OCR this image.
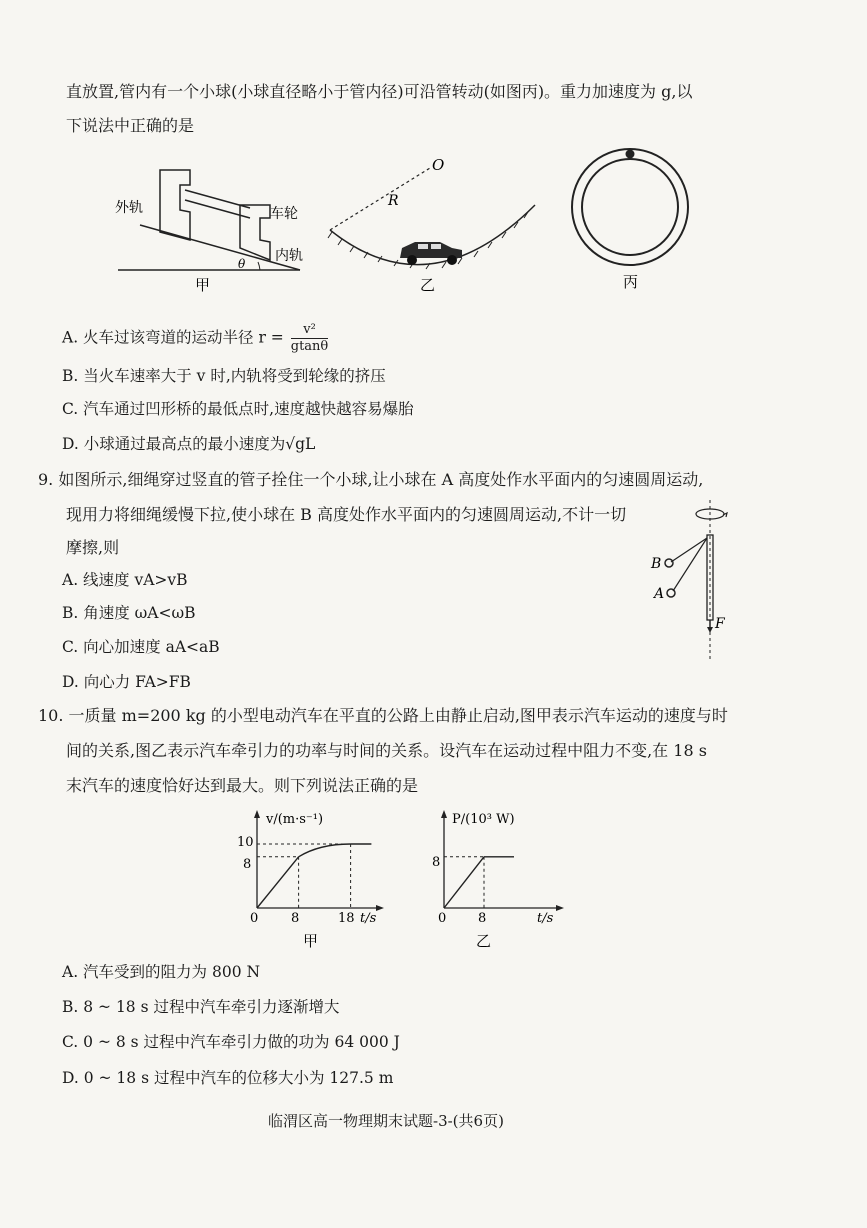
直放置,管内有一个小球(小球直径略小于管内径)可沿管转动(如图丙)。重力加速度为 g,以
下说法中正确的是
外轨	车轮
内轨
θ
甲
O
R
乙	丙
A. 火车过该弯道的运动半径 $r = \frac{\text{v²}}{gtan\theta}$
B. 当火车速率大于 v 时,内轨将受到轮缘的挤压
C. 汽车通过凹形桥的最低点时,速度越快越容易爆胎
D. 小球通过最高点的最小速度为√gL
9. 如图所示,细绳穿过竖直的管子拴住一个小球,让小球在 A 高度处作水平面内的匀速圆周运动,
现用力将细绳缓慢下拉,使小球在 B 高度处作水平面内的匀速圆周运动,不计一切
摩擦,则
A. 线速度 vA>vB
B. 角速度 ωA<ωB
C. 向心加速度 aA<aB
D. 向心力 FA>FB
B
A
F
10. 一质量 m=200 kg 的小型电动汽车在平直的公路上由静止启动,图甲表示汽车运动的速度与时
间的关系,图乙表示汽车牵引力的功率与时间的关系。设汽车在运动过程中阻力不变,在 18 s
末汽车的速度恰好达到最大。则下列说法正确的是
v/(m·s⁻¹)
t/s
0	8	18
8
10
甲
P/(10³ W)
t/s
0 8
8
乙
A. 汽车受到的阻力为 800 N
B. 8 ~ 18 s 过程中汽车牵引力逐渐增大
C. 0 ~ 8 s 过程中汽车牵引力做的功为 64 000 J
D. 0 ~ 18 s 过程中汽车的位移大小为 127.5 m
临渭区高一物理期末试题-3-(共6页)
